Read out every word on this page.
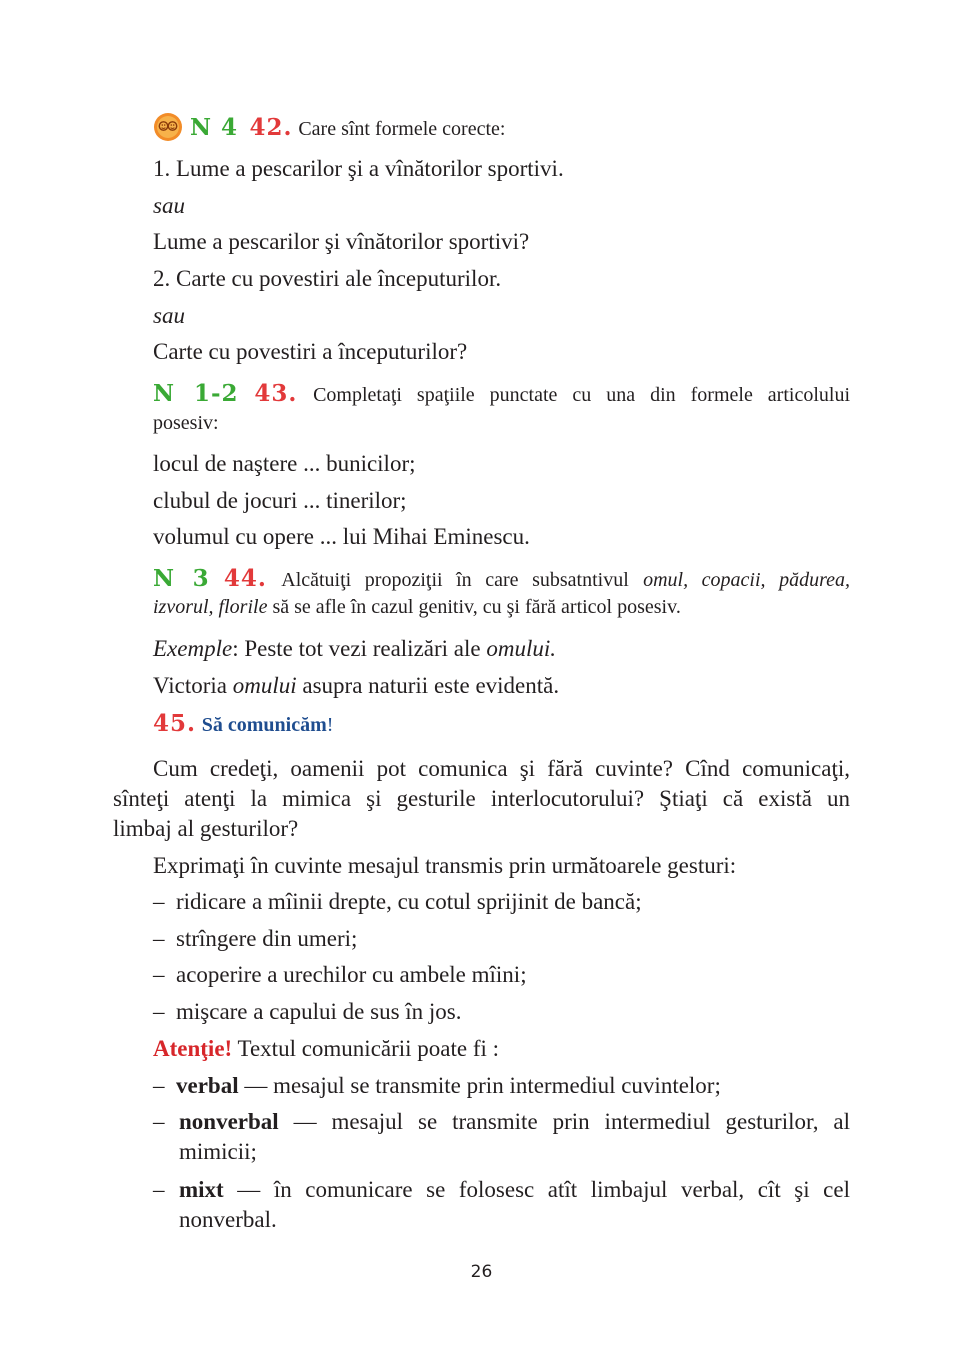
N 4 42. Care sînt formele corecte:

1. Lume a pescarilor şi a vînătorilor sportivi.

sau

Lume a pescarilor şi vînătorilor sportivi?

2. Carte cu povestiri ale începuturilor.

sau

Carte cu povestiri a începuturilor?

N 1-2 43. Completaţi spaţiile punctate cu una din formele articolului

posesiv:

locul de naştere ... bunicilor;

clubul de jocuri ... tinerilor;

volumul cu opere ... lui Mihai Eminescu.

N 3 44. Alcătuiţi propoziţii în care subsatntivul omul, copacii, pădurea,

izvorul, florile să se afle în cazul genitiv, cu şi fără articol posesiv.

Exemple: Peste tot vezi realizări ale omului.

Victoria omului asupra naturii este evidentă.

45. Să comunicăm!

Cum credeţi, oamenii pot comunica şi fără cuvinte? Cînd comunicaţi,

sînteţi atenţi la mimica şi gesturile interlocutorului? Ştiaţi că există un

limbaj al gesturilor?

Exprimaţi în cuvinte mesajul transmis prin următoarele gesturi:

– ridicare a mîinii drepte, cu cotul sprijinit de bancă;

– strîngere din umeri;

– acoperire a urechilor cu ambele mîini;

– mişcare a capului de sus în jos.

Atenţie! Textul comunicării poate fi :

– verbal — mesajul se transmite prin intermediul cuvintelor;

– nonverbal — mesajul se transmite prin intermediul gesturilor, al

mimicii;

– mixt — în comunicare se folosesc atît limbajul verbal, cît şi cel

nonverbal.

26
